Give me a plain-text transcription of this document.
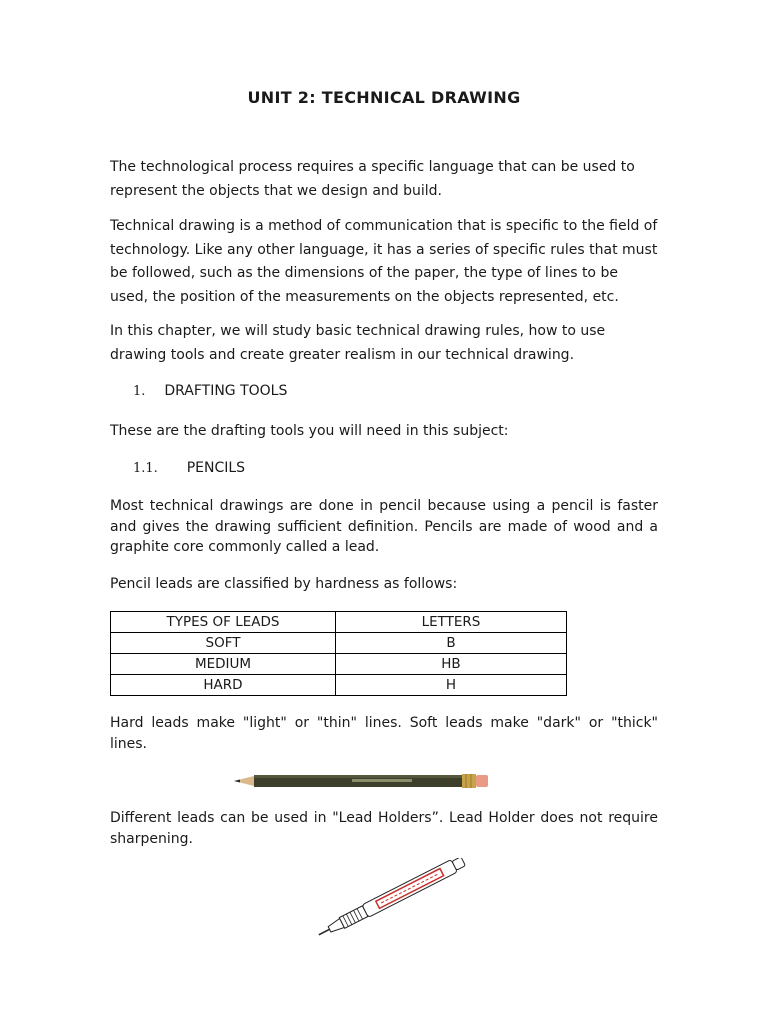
UNIT 2: TECHNICAL DRAWING

The technological process requires a specific language that can be used to represent the objects that we design and build.

Technical drawing is a method of communication that is specific to the field of technology. Like any other language, it has a series of specific rules that must be followed, such as the dimensions of the paper, the type of lines to be used, the position of the measurements on the objects represented, etc.

In this chapter, we will study basic technical drawing rules, how to use drawing tools and create greater realism in our technical drawing.

1. DRAFTING TOOLS

These are the drafting tools you will need in this subject:

1.1. PENCILS

Most technical drawings are done in pencil because using a pencil is faster and gives the drawing sufficient definition. Pencils are made of wood and a graphite core commonly called a lead.

Pencil leads are classified by hardness as follows:

TYPES OF LEADS	LETTERS
SOFT	B
MEDIUM	HB
HARD	H

Hard leads make "light" or "thin" lines. Soft leads make "dark" or "thick" lines.

Different leads can be used in "Lead Holders”. Lead Holder does not require sharpening.
